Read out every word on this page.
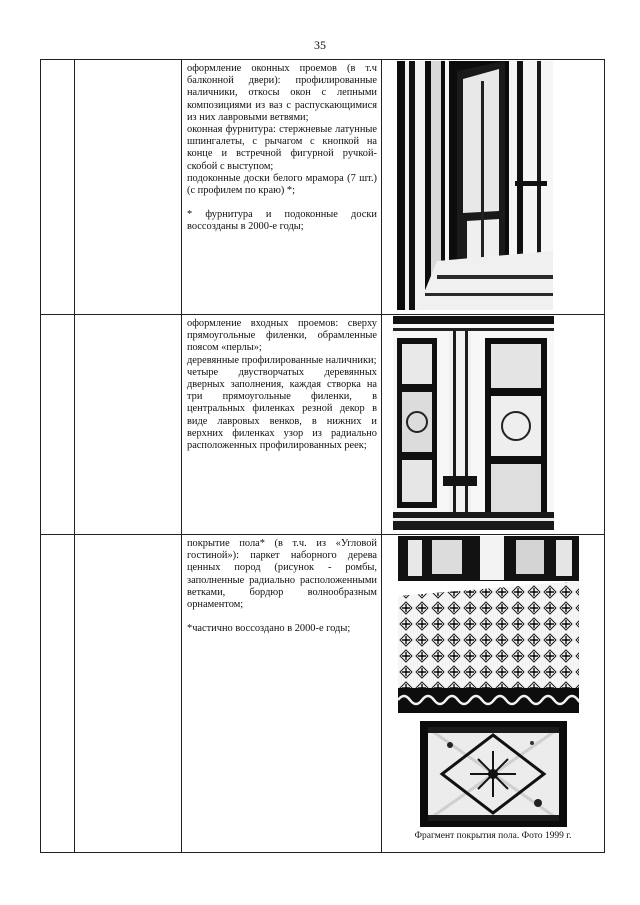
35

		оформление оконных проемов (в т.ч балконной двери): профилированные наличники, откосы окон с лепными композициями из ваз с распускающимися из них лавровыми ветвями;

оконная фурнитура: стержневые латунные шпингалеты, с рычагом с кнопкой на конце и встречной фигурной ручкой-скобой с выступом;

подоконные доски белого мрамора (7 шт.) (с профилем по краю) *;

* фурнитура и подоконные доски воссозданы в 2000-е годы;

		оформление входных проемов: сверху прямоугольные филенки, обрамленные поясом «перлы»;

деревянные профилированные наличники;

четыре двустворчатых деревянных дверных заполнения, каждая створка на три прямоугольные филенки, в центральных филенках резной декор в виде лавровых венков, в нижних и верхних филенках узор из радиально расположенных профилированных реек;

		покрытие пола* (в т.ч. из «Угловой гостиной»): паркет наборного дерева ценных пород (рисунок - ромбы, заполненные радиально расположенными ветками, бордюр волнообразным орнаментом;

*частично воссоздано в 2000-е годы;	Фрагмент покрытия пола. Фото 1999 г.
